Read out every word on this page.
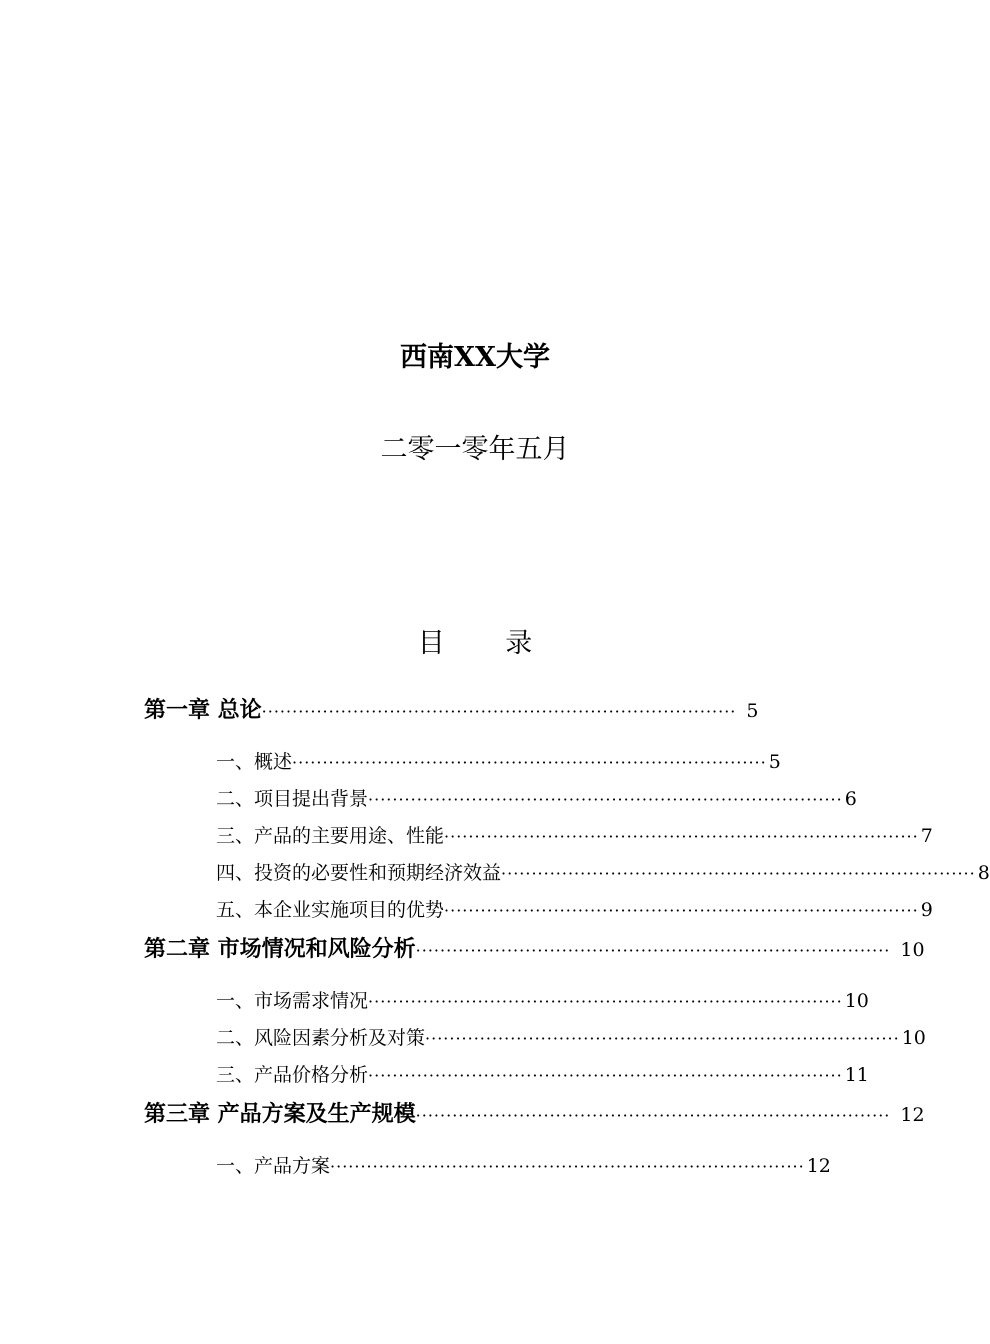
西南XX大学
二零一零年五月
目 录
第一章 总论 ·············································································· 5
一、概述 ·············································································· 5
二、项目提出背景 ·············································································· 6
三、产品的主要用途、性能 ·············································································· 7
四、投资的必要性和预期经济效益 ·············································································· 8
五、本企业实施项目的优势 ·············································································· 9
第二章 市场情况和风险分析 ·············································································· 10
一、市场需求情况 ·············································································· 10
二、风险因素分析及对策 ·············································································· 10
三、产品价格分析 ·············································································· 11
第三章 产品方案及生产规模 ·············································································· 12
一、产品方案 ·············································································· 12
